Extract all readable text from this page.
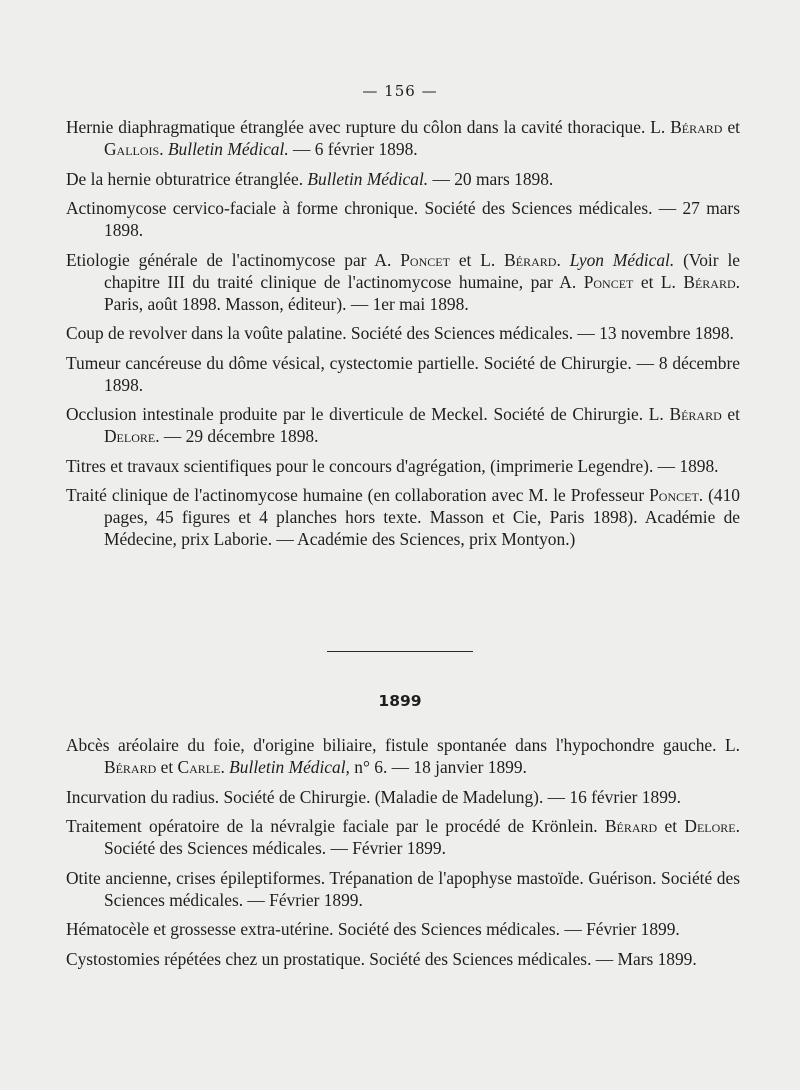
— 156 —

Hernie diaphragmatique étranglée avec rupture du côlon dans la cavité thoracique. L. Bérard et Gallois. Bulletin Médical. — 6 février 1898.

De la hernie obturatrice étranglée. Bulletin Médical. — 20 mars 1898.

Actinomycose cervico-faciale à forme chronique. Société des Sciences médicales. — 27 mars 1898.

Etiologie générale de l'actinomycose par A. Poncet et L. Bérard. Lyon Médical. (Voir le chapitre III du traité clinique de l'actinomycose humaine, par A. Poncet et L. Bérard. Paris, août 1898. Masson, éditeur). — 1er mai 1898.

Coup de revolver dans la voûte palatine. Société des Sciences médicales. — 13 novembre 1898.

Tumeur cancéreuse du dôme vésical, cystectomie partielle. Société de Chirurgie. — 8 décembre 1898.

Occlusion intestinale produite par le diverticule de Meckel. Société de Chirurgie. L. Bérard et Delore. — 29 décembre 1898.

Titres et travaux scientifiques pour le concours d'agrégation, (imprimerie Legendre). — 1898.

Traité clinique de l'actinomycose humaine (en collaboration avec M. le Professeur Poncet. (410 pages, 45 figures et 4 planches hors texte. Masson et Cie, Paris 1898). Académie de Médecine, prix Laborie. — Académie des Sciences, prix Montyon.)

1899

Abcès aréolaire du foie, d'origine biliaire, fistule spontanée dans l'hypochondre gauche. L. Bérard et Carle. Bulletin Médical, n° 6. — 18 janvier 1899.

Incurvation du radius. Société de Chirurgie. (Maladie de Madelung). — 16 février 1899.

Traitement opératoire de la névralgie faciale par le procédé de Krönlein. Bérard et Delore. Société des Sciences médicales. — Février 1899.

Otite ancienne, crises épileptiformes. Trépanation de l'apophyse mastoïde. Guérison. Société des Sciences médicales. — Février 1899.

Hématocèle et grossesse extra-utérine. Société des Sciences médicales. — Février 1899.

Cystostomies répétées chez un prostatique. Société des Sciences médicales. — Mars 1899.
